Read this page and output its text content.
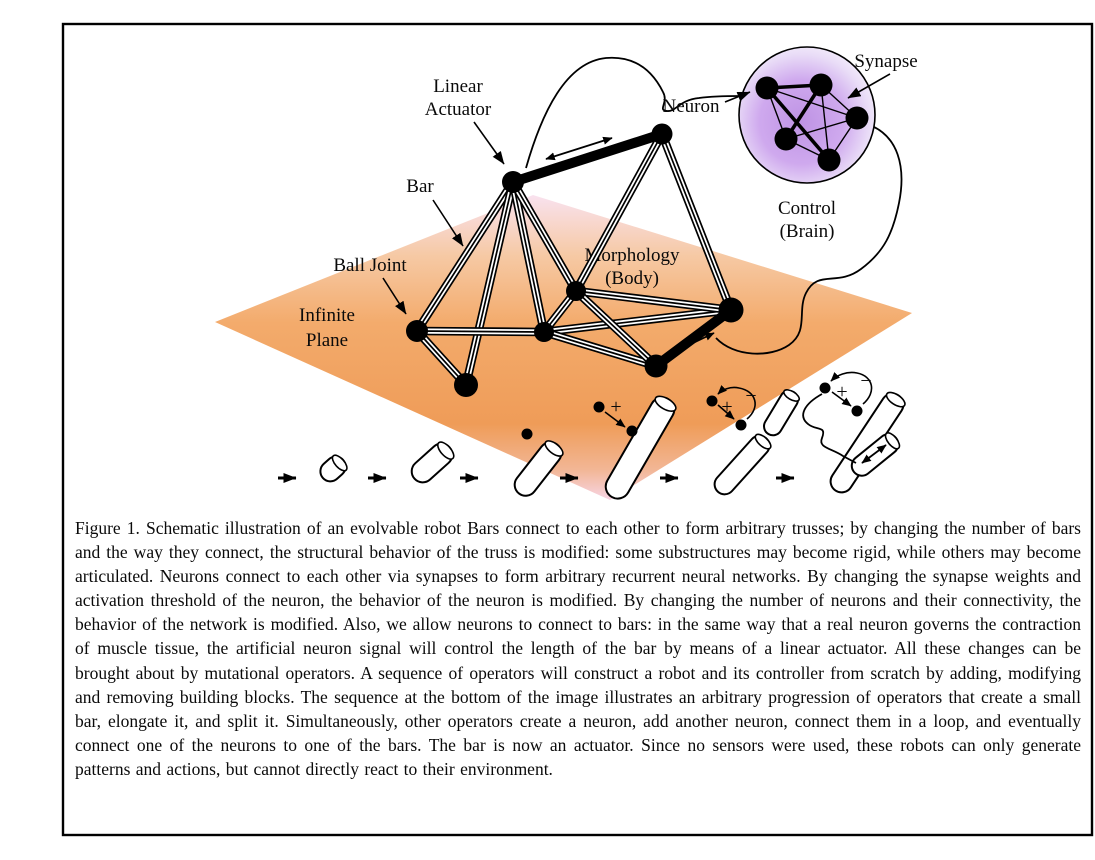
Morphology
(Body)
Linear
Actuator
Bar
Ball Joint
Infinite
Plane
Neuron
Synapse
Control
(Brain)
+	+ −	+ −
Figure 1. Schematic illustration of an evolvable robot Bars connect to each other to form arbitrary trusses; by changing the number of bars and the way they connect, the structural behavior of the truss is modified: some substructures may become rigid, while others may become articulated. Neurons connect to each other via synapses to form arbitrary recurrent neural networks. By changing the synapse weights and activation threshold of the neuron, the behavior of the neuron is modified. By changing the number of neurons and their connectivity, the behavior of the network is modified. Also, we allow neurons to connect to bars: in the same way that a real neuron governs the contraction of muscle tissue, the artificial neuron signal will control the length of the bar by means of a linear actuator. All these changes can be brought about by mutational operators. A sequence of operators will construct a robot and its controller from scratch by adding, modifying and removing building blocks. The sequence at the bottom of the image illustrates an arbitrary progression of operators that create a small bar, elongate it, and split it. Simultaneously, other operators create a neuron, add another neuron, connect them in a loop, and eventually connect one of the neurons to one of the bars. The bar is now an actuator. Since no sensors were used, these robots can only generate patterns and actions, but cannot directly react to their environment.
